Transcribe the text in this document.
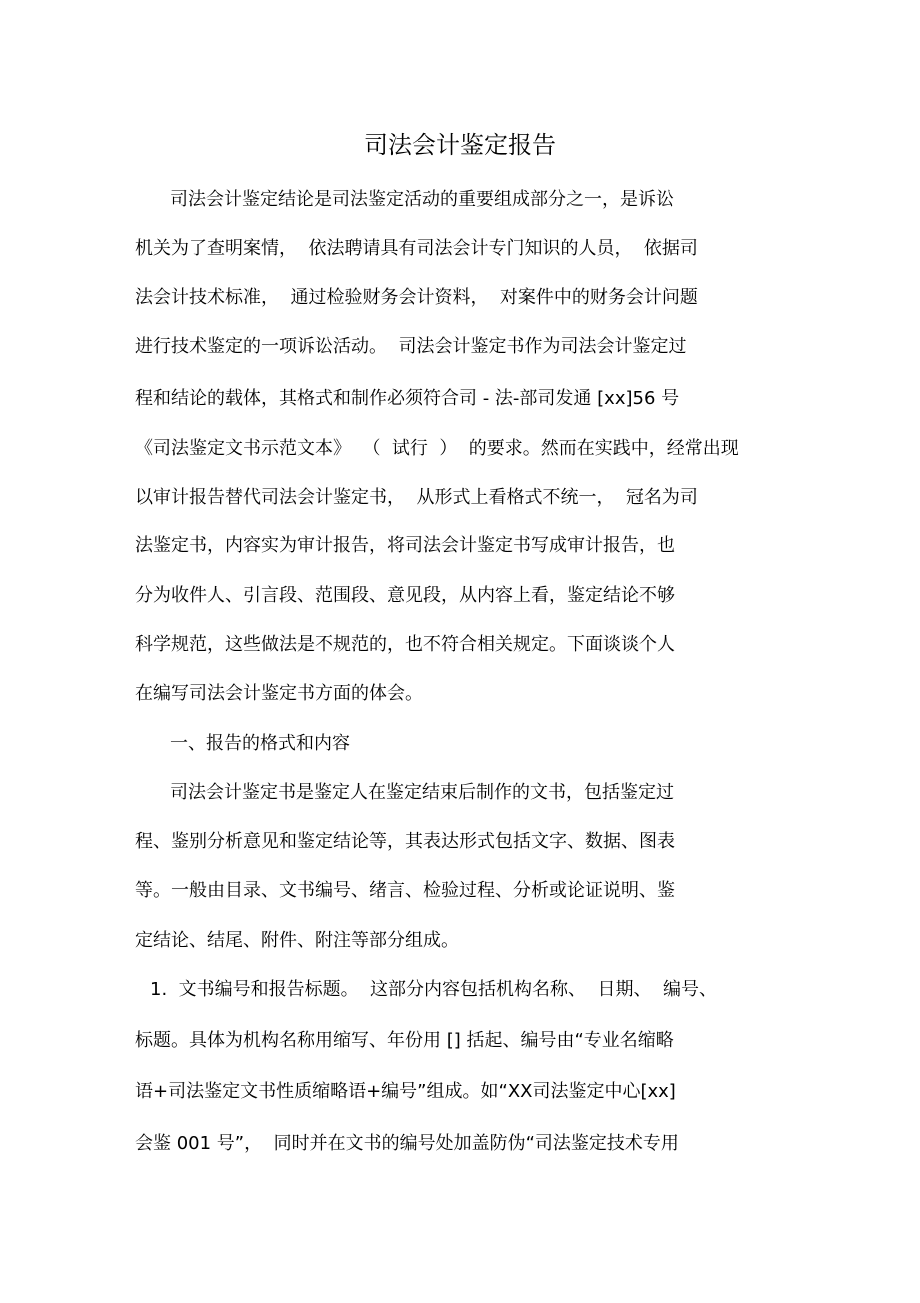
司法会计鉴定报告
司法会计鉴定结论是司法鉴定活动的重要组成部分之一，是诉讼
机关为了查明案情，  依法聘请具有司法会计专门知识的人员，  依据司
法会计技术标准，  通过检验财务会计资料，  对案件中的财务会计问题
进行技术鉴定的一项诉讼活动。  司法会计鉴定书作为司法会计鉴定过
程和结论的载体，其格式和制作必须符合司 - 法-部司发通 [xx]56 号
《司法鉴定文书示范文本》  （  试行  ）  的要求。然而在实践中，经常出现
以审计报告替代司法会计鉴定书，  从形式上看格式不统一，  冠名为司
法鉴定书，内容实为审计报告，将司法会计鉴定书写成审计报告，也
分为收件人、引言段、范围段、意见段，从内容上看，鉴定结论不够
科学规范，这些做法是不规范的，也不符合相关规定。下面谈谈个人
在编写司法会计鉴定书方面的体会。
一、报告的格式和内容
司法会计鉴定书是鉴定人在鉴定结束后制作的文书，包括鉴定过
程、鉴别分析意见和鉴定结论等，其表达形式包括文字、数据、图表
等。一般由目录、文书编号、绪言、检验过程、分析或论证说明、鉴
定结论、结尾、附件、附注等部分组成。
1.  文书编号和报告标题。  这部分内容包括机构名称、  日期、  编号、
标题。具体为机构名称用缩写、年份用 [] 括起、编号由“专业名缩略
语+司法鉴定文书性质缩略语+编号”组成。如“XX司法鉴定中心[xx]
会鉴 001 号”，  同时并在文书的编号处加盖防伪“司法鉴定技术专用
